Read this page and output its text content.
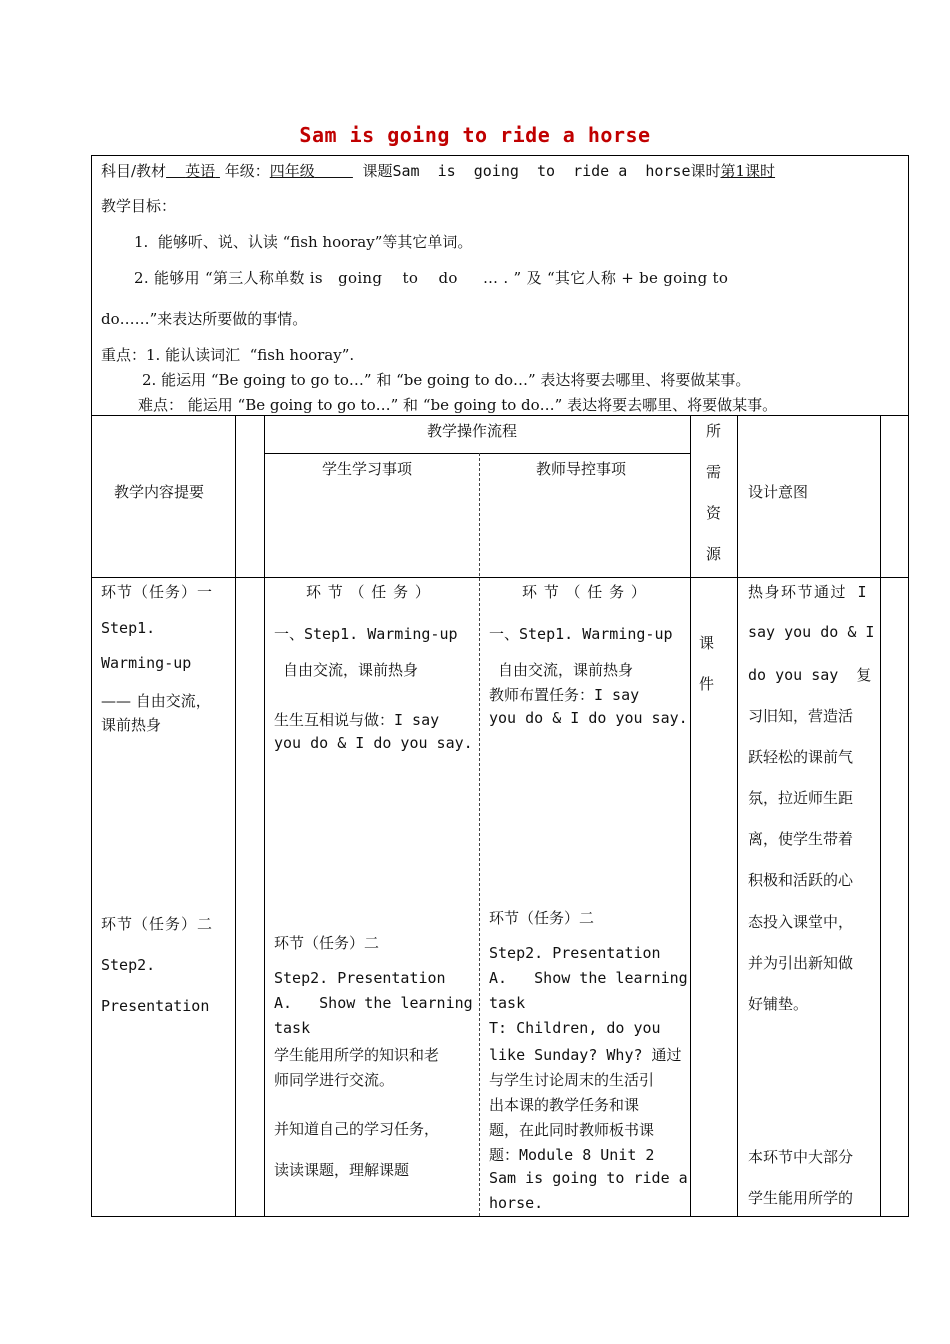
Sam is going to ride a horse
科目/教材 英语 年级：四年级	课题Sam  is  going  to  ride a  horse课时第1课时
教学目标：
1.  能够听、说、认读 “fish hooray”等其它单词。
2. 能够用 “第三人称单数 is   going    to    do     … . ” 及 “其它人称 + be going to
do……”来表达所要做的事情。
重点：1. 能认读词汇  “fish hooray”.
2. 能运用 “Be going to go to…” 和 “be going to do…” 表达将要去哪里、将要做某事。
难点： 能运用 “Be going to go to…” 和 “be going to do…” 表达将要去哪里、将要做某事。
教学内容提要
教学操作流程
学生学习事项	教师导控事项
所
需
资
源
设计意图
环节（任务）一
Step1.
Warming-up
—— 自由交流，
课前热身
环节（任务）二
Step2.
Presentation
环 节 （ 任 务 ）
一、Step1. Warming-up
自由交流，课前热身
生生互相说与做：I say
you do & I do you say.
环节（任务）二
Step2. Presentation
A.   Show the learning
task
学生能用所学的知识和老
师同学进行交流。
并知道自己的学习任务，
读读课题，理解课题
环 节 （ 任 务 ）
一、Step1. Warming-up
自由交流，课前热身
教师布置任务：I say
you do & I do you say.
环节（任务）二
Step2. Presentation
A.   Show the learning
task
T: Children, do you
like Sunday? Why? 通过
与学生讨论周末的生活引
出本课的教学任务和课
题，在此同时教师板书课
题：Module 8 Unit 2
Sam is going to ride a
horse.
课
件
热身环节通过 I
say you do & I
do you say  复
习旧知，营造活
跃轻松的课前气
氛，拉近师生距
离，使学生带着
积极和活跃的心
态投入课堂中，
并为引出新知做
好铺垫。
本环节中大部分
学生能用所学的
